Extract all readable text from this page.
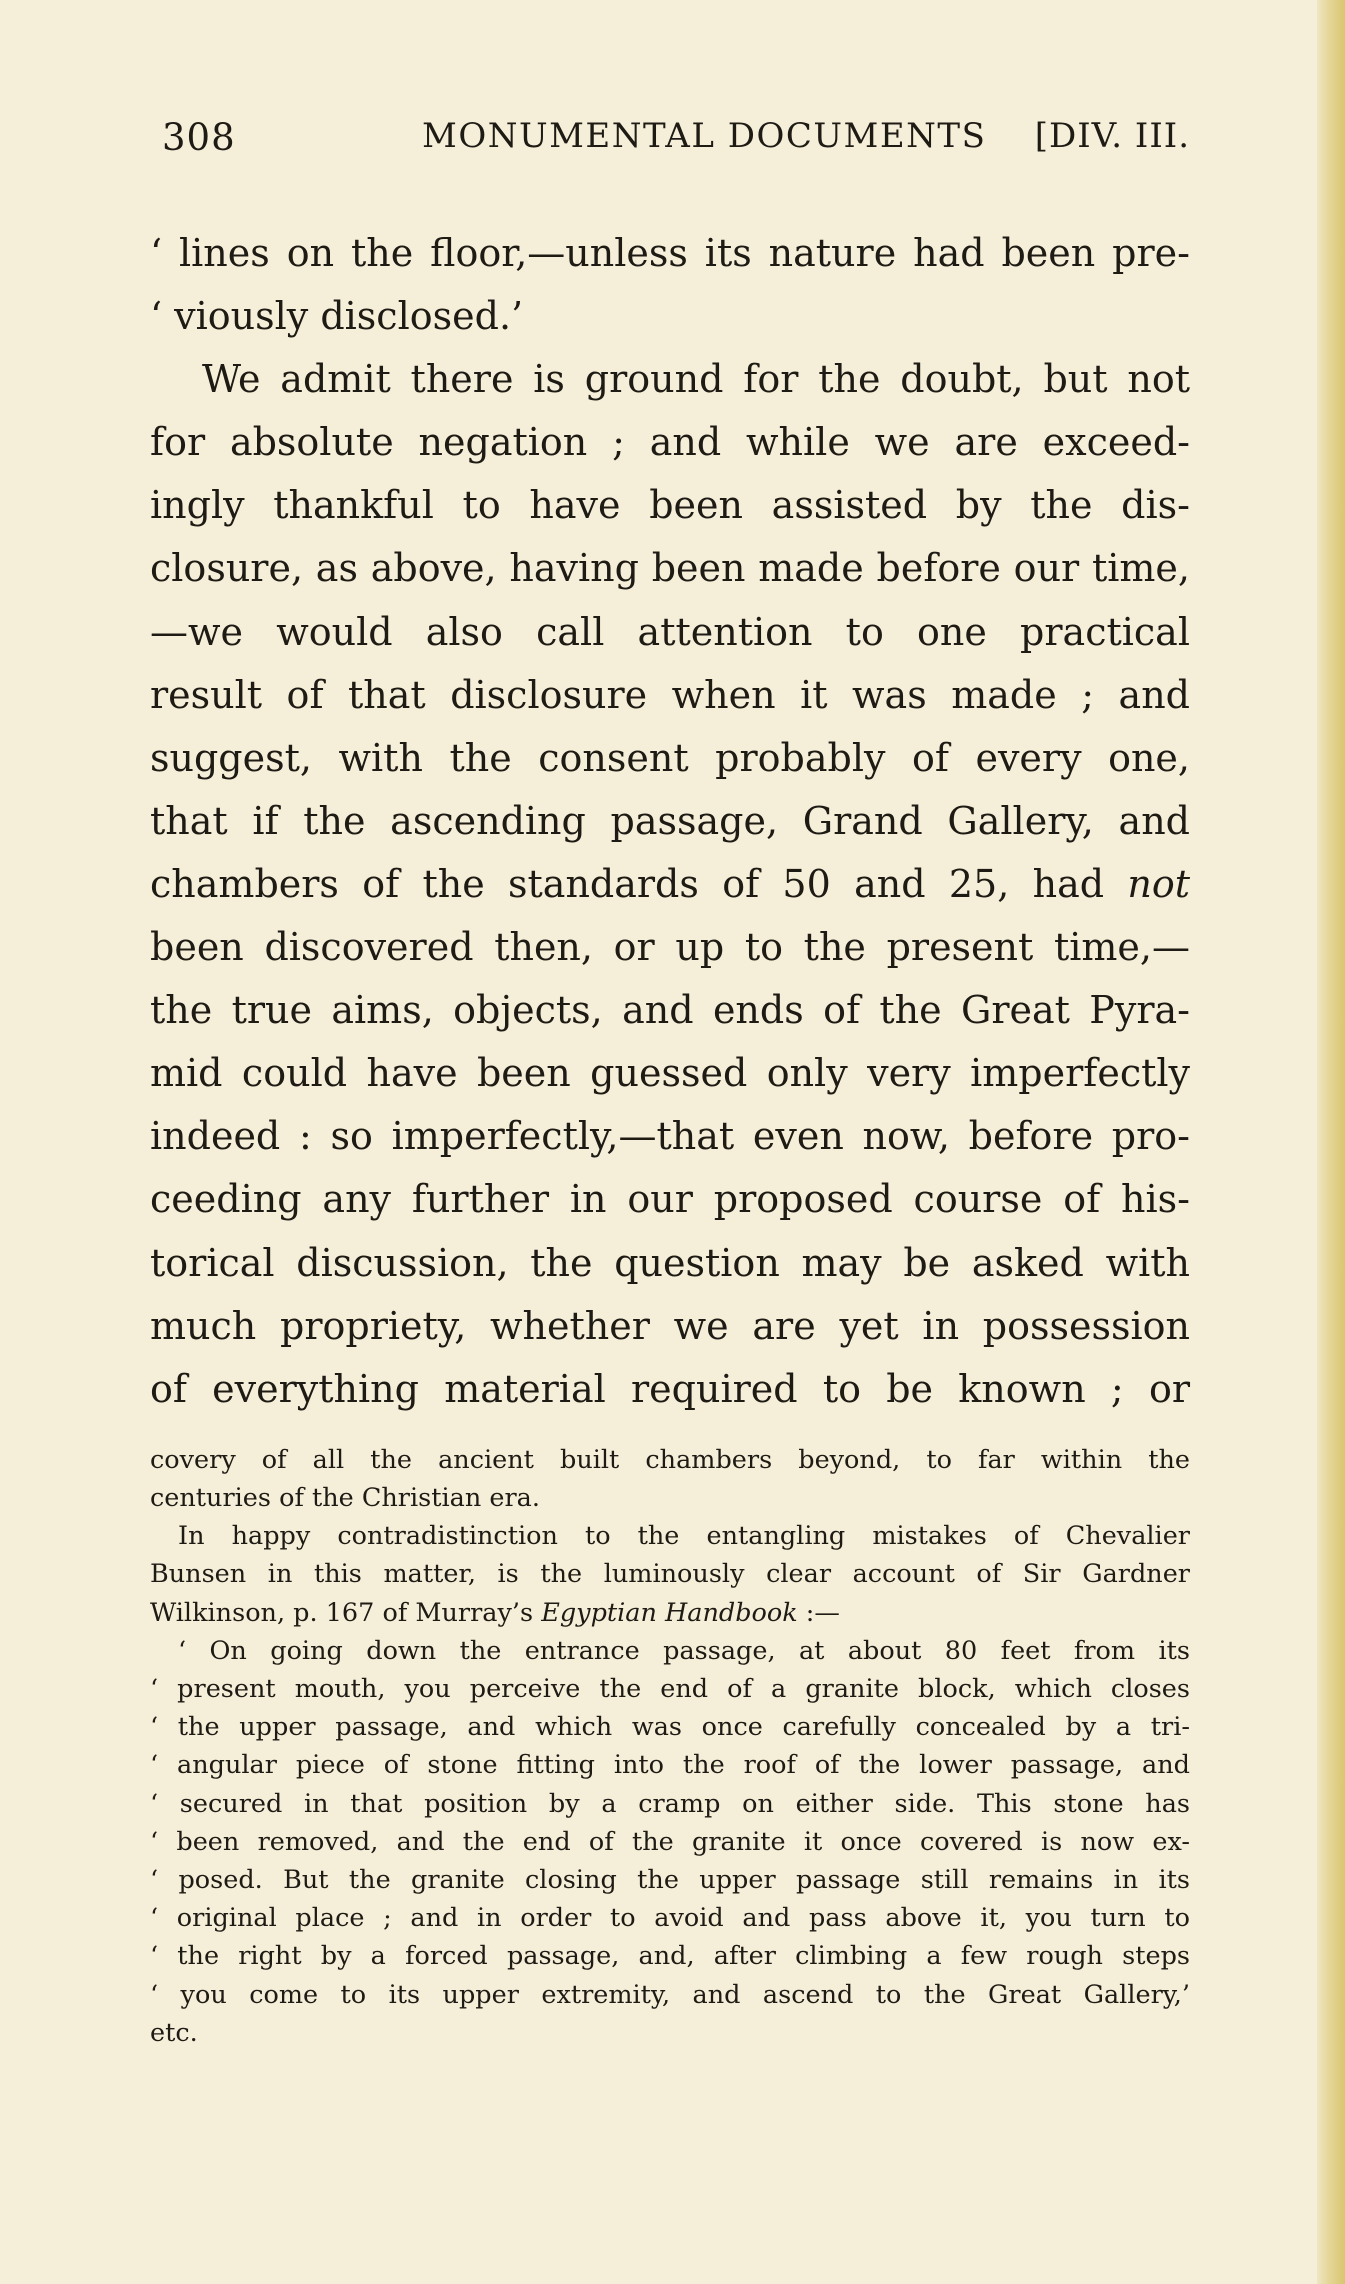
308	MONUMENTAL DOCUMENTS [DIV. III.
‘ lines on the floor,—unless its nature had been pre-
‘ viously disclosed.’
We admit there is ground for the doubt, but not
for absolute negation ; and while we are exceed-
ingly thankful to have been assisted by the dis-
closure, as above, having been made before our time,
—we would also call attention to one practical
result of that disclosure when it was made ; and
suggest, with the consent probably of every one,
that if the ascending passage, Grand Gallery, and
chambers of the standards of 50 and 25, had not
been discovered then, or up to the present time,—
the true aims, objects, and ends of the Great Pyra-
mid could have been guessed only very imperfectly
indeed : so imperfectly,—that even now, before pro-
ceeding any further in our proposed course of his-
torical discussion, the question may be asked with
much propriety, whether we are yet in possession
of everything material required to be known ; or
covery of all the ancient built chambers beyond, to far within the
centuries of the Christian era.
In happy contradistinction to the entangling mistakes of Chevalier
Bunsen in this matter, is the luminously clear account of Sir Gardner
Wilkinson, p. 167 of Murray’s Egyptian Handbook :—
‘ On going down the entrance passage, at about 80 feet from its
‘ present mouth, you perceive the end of a granite block, which closes
‘ the upper passage, and which was once carefully concealed by a tri-
‘ angular piece of stone fitting into the roof of the lower passage, and
‘ secured in that position by a cramp on either side. This stone has
‘ been removed, and the end of the granite it once covered is now ex-
‘ posed. But the granite closing the upper passage still remains in its
‘ original place ; and in order to avoid and pass above it, you turn to
‘ the right by a forced passage, and, after climbing a few rough steps
‘ you come to its upper extremity, and ascend to the Great Gallery,’
etc.
